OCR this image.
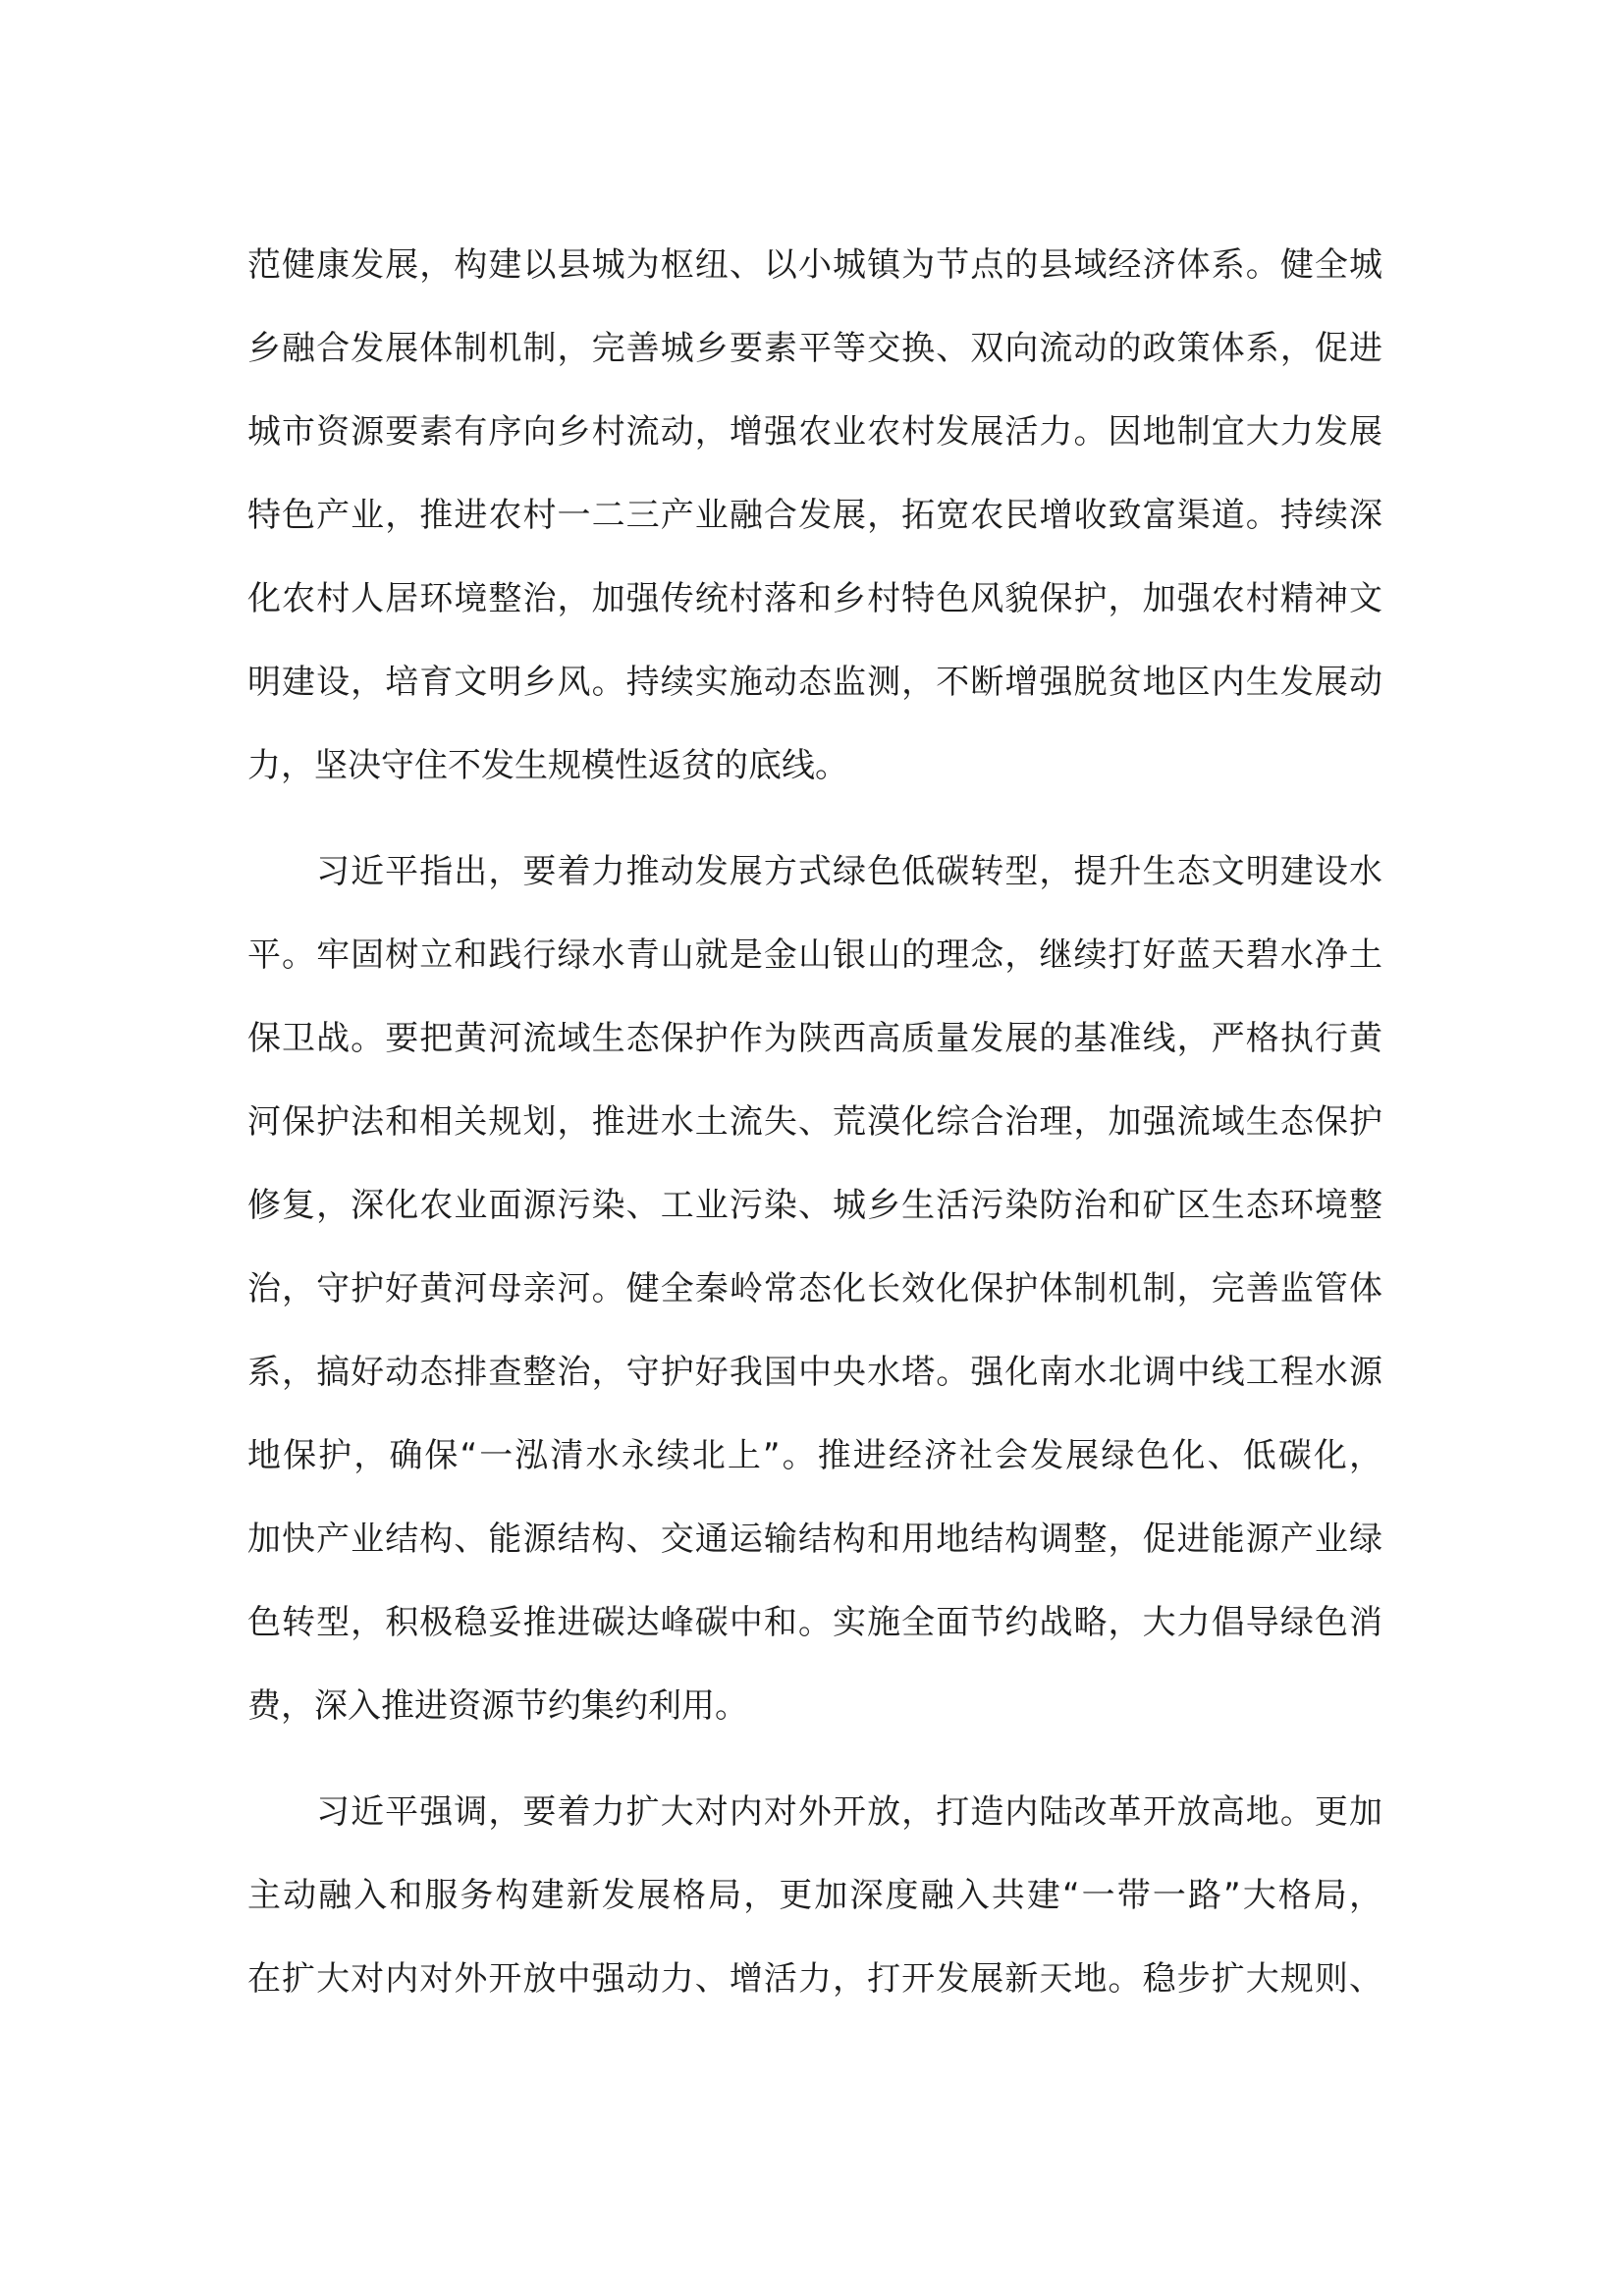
范健康发展，构建以县城为枢纽、以小城镇为节点的县域经济体系。健全城
乡融合发展体制机制，完善城乡要素平等交换、双向流动的政策体系，促进
城市资源要素有序向乡村流动，增强农业农村发展活力。因地制宜大力发展
特色产业，推进农村一二三产业融合发展，拓宽农民增收致富渠道。持续深
化农村人居环境整治，加强传统村落和乡村特色风貌保护，加强农村精神文
明建设，培育文明乡风。持续实施动态监测，不断增强脱贫地区内生发展动
力，坚决守住不发生规模性返贫的底线。

习近平指出，要着力推动发展方式绿色低碳转型，提升生态文明建设水
平。牢固树立和践行绿水青山就是金山银山的理念，继续打好蓝天碧水净土
保卫战。要把黄河流域生态保护作为陕西高质量发展的基准线，严格执行黄
河保护法和相关规划，推进水土流失、荒漠化综合治理，加强流域生态保护
修复，深化农业面源污染、工业污染、城乡生活污染防治和矿区生态环境整
治，守护好黄河母亲河。健全秦岭常态化长效化保护体制机制，完善监管体
系，搞好动态排查整治，守护好我国中央水塔。强化南水北调中线工程水源
地保护，确保“一泓清水永续北上”。推进经济社会发展绿色化、低碳化，
加快产业结构、能源结构、交通运输结构和用地结构调整，促进能源产业绿
色转型，积极稳妥推进碳达峰碳中和。实施全面节约战略，大力倡导绿色消
费，深入推进资源节约集约利用。

习近平强调，要着力扩大对内对外开放，打造内陆改革开放高地。更加
主动融入和服务构建新发展格局，更加深度融入共建“一带一路”大格局，
在扩大对内对外开放中强动力、增活力，打开发展新天地。稳步扩大规则、
